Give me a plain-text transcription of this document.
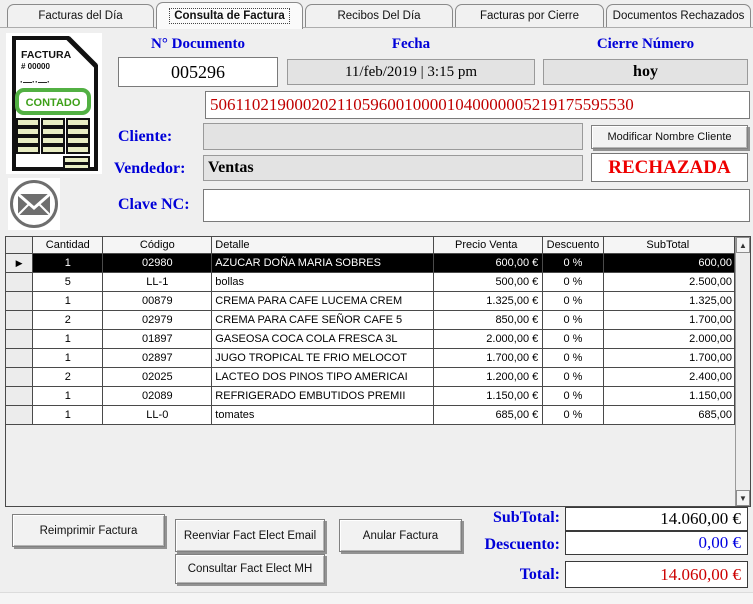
Facturas del Día	Consulta de Factura	Recibos Del Día	Facturas por Cierre	Documentos Rechazados
FACTURA
# 00000
·—··—·
CONTADO
N° Documento
005296
Fecha
11/feb/2019 | 3:15 pm
Cierre Número
hoy
50611021900020211059600100001040000005219175595530
Cliente:	Modificar Nombre Cliente
Vendedor:	Ventas	RECHAZADA
Clave NC:
Cantidad	Código	Detalle	Precio Venta	Descuento	SubTotal
▶	1	02980	AZUCAR DOÑA MARIA SOBRES	600,00 €	0 %	600,00
5	LL-1	bollas	500,00 €	0 %	2.500,00
1	00879	CREMA PARA CAFE LUCEMA CREM	1.325,00 €	0 %	1.325,00
2	02979	CREMA PARA CAFE SEÑOR CAFE 5	850,00 €	0 %	1.700,00
1	01897	GASEOSA COCA COLA FRESCA 3L	2.000,00 €	0 %	2.000,00
1	02897	JUGO TROPICAL TE FRIO MELOCOT	1.700,00 €	0 %	1.700,00
2	02025	LACTEO DOS PINOS TIPO AMERICAI	1.200,00 €	0 %	2.400,00
1	02089	REFRIGERADO EMBUTIDOS PREMII	1.150,00 €	0 %	1.150,00
1	LL-0	tomates	685,00 €	0 %	685,00
▲
▼
Reimprimir Factura	Reenviar Fact Elect Email	Anular Factura
Consultar Fact Elect MH
SubTotal:	14.060,00 €
Descuento:	0,00 €
Total:	14.060,00 €
